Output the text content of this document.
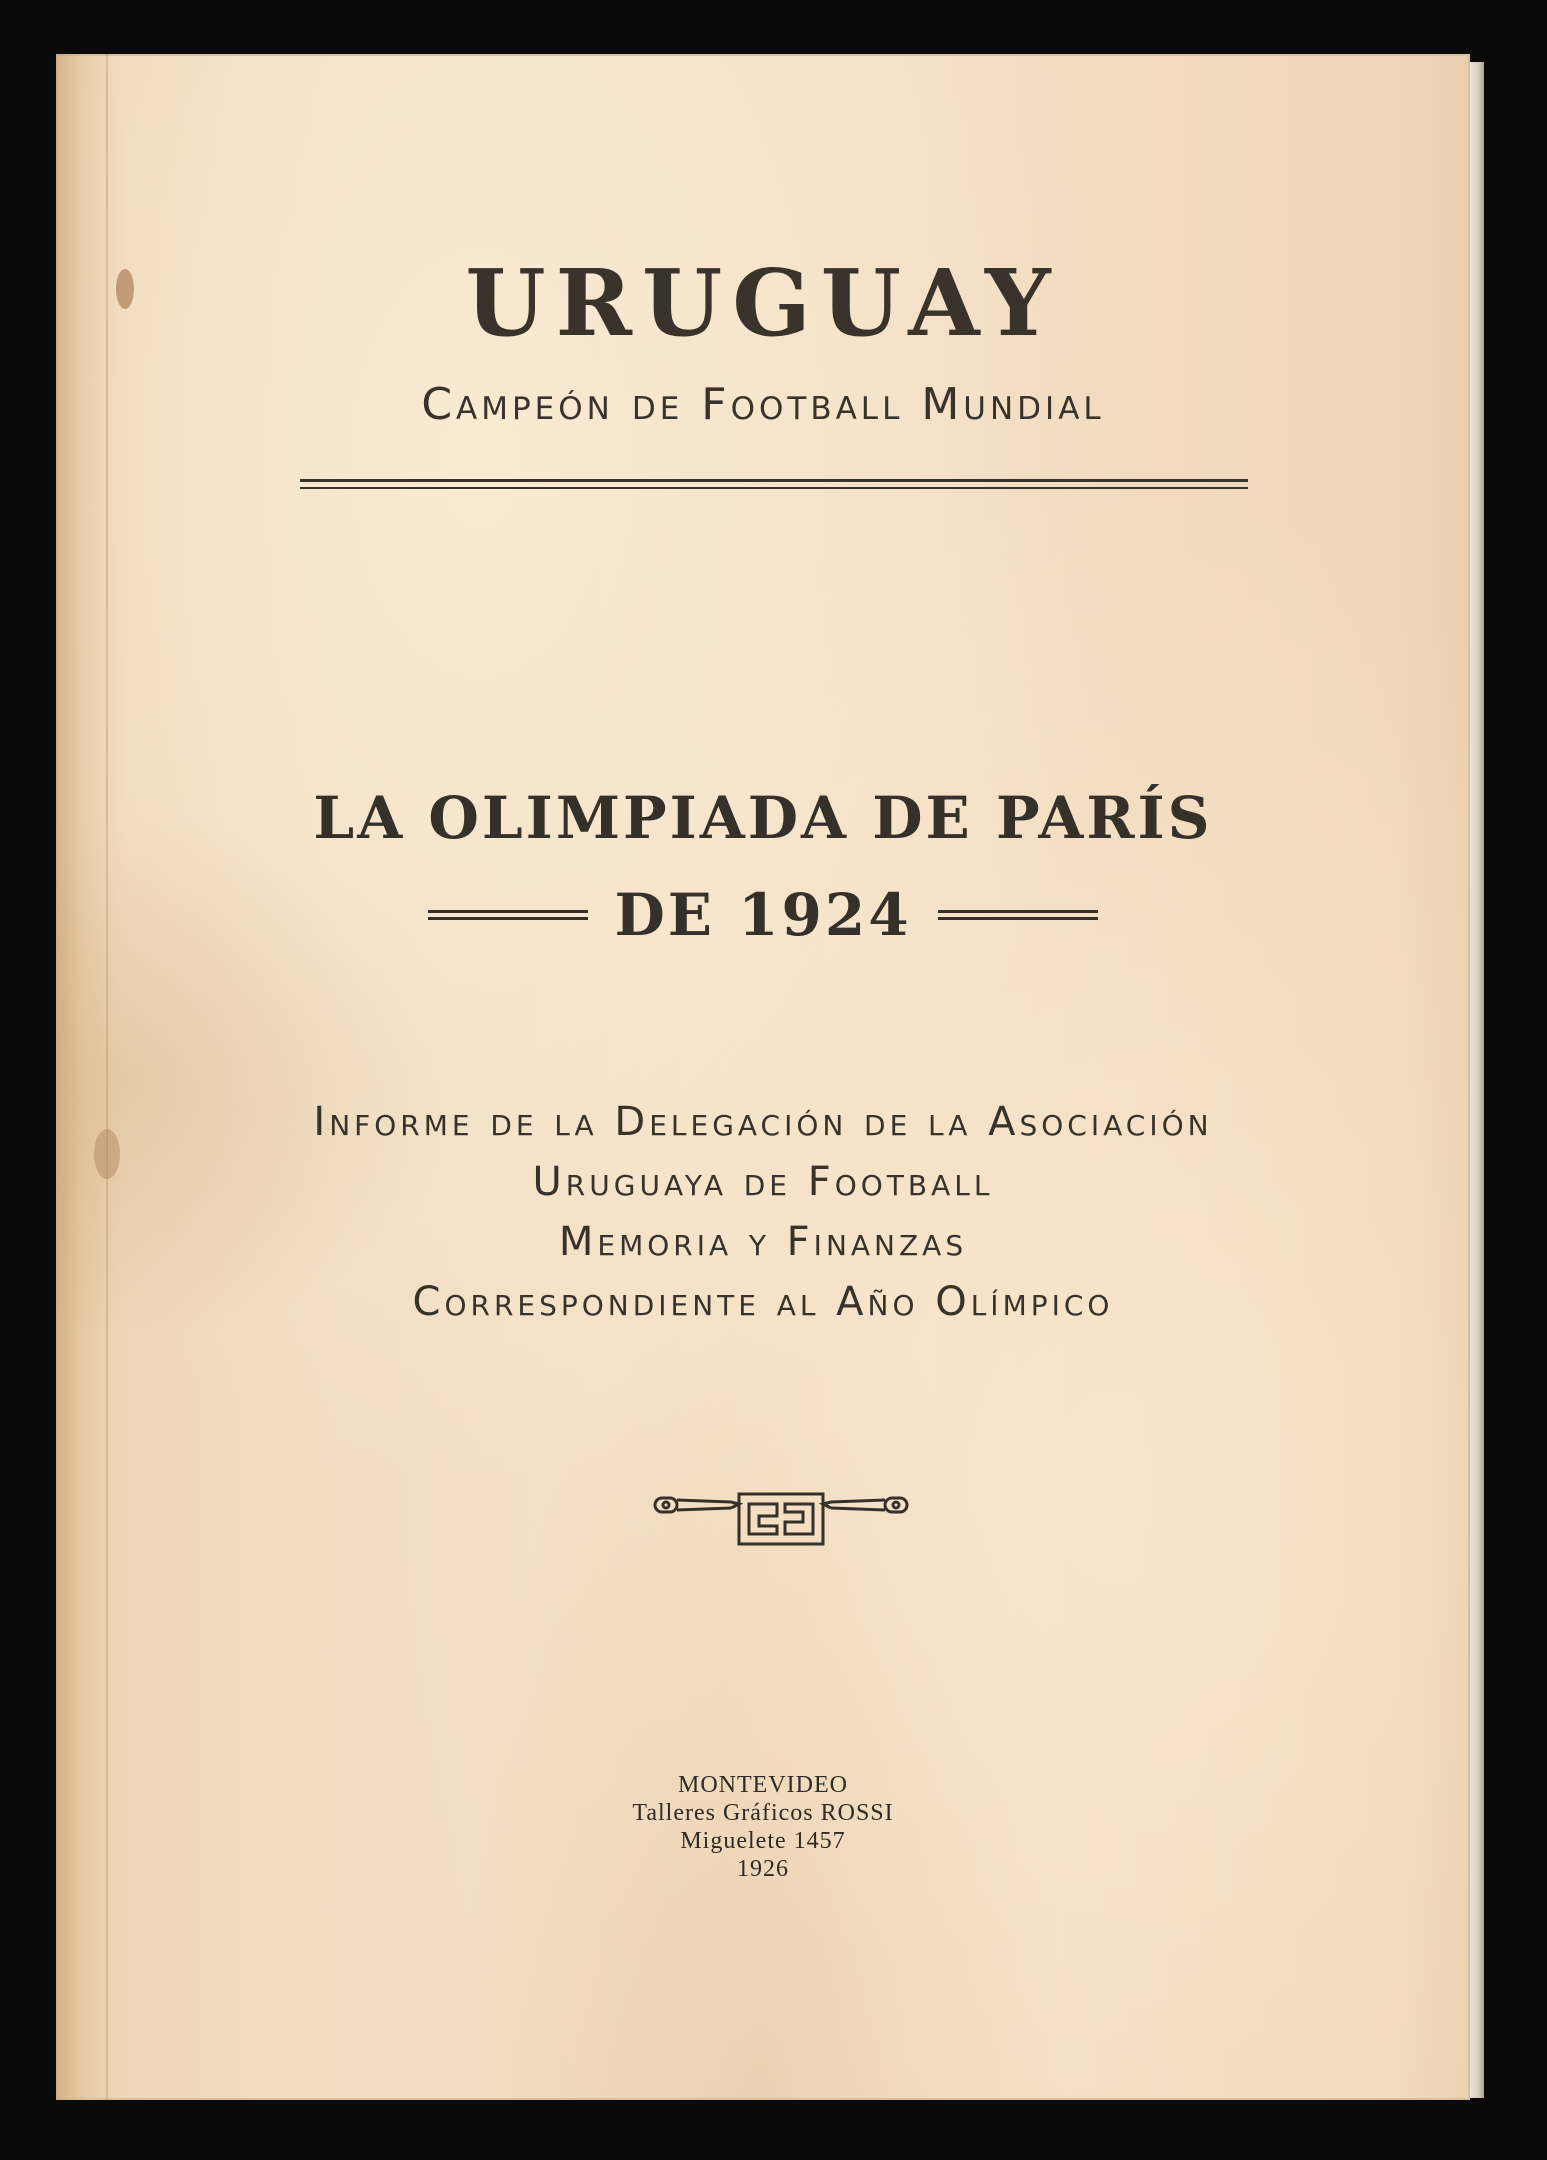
URUGUAY
Campeón de Football Mundial
LA OLIMPIADA DE PARÍS
DE 1924
Informe de la Delegación de la Asociación
Uruguaya de Football
Memoria y Finanzas
Correspondiente al Año Olímpico
MONTEVIDEO
Talleres Gráficos ROSSI
Miguelete 1457
1926
